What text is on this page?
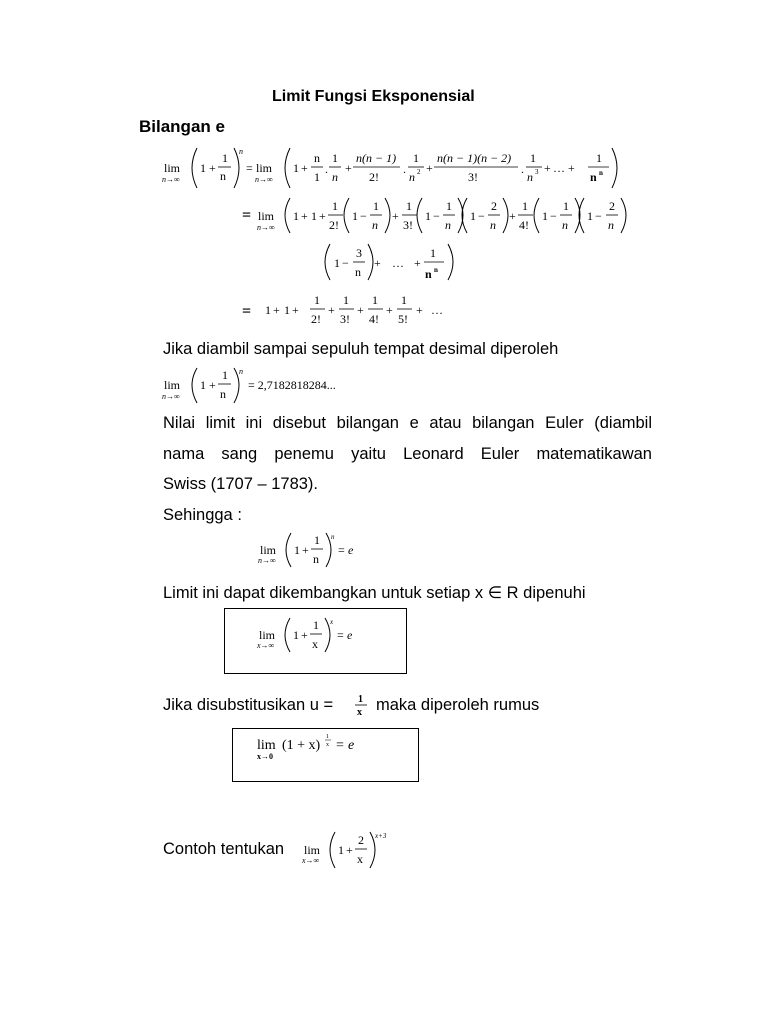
Limit Fungsi Eksponensial
Bilangan e
lim
n→∞
1 +
1
n
n
= lim
n→∞
1 +
n
1
.
1
n
+
n(n − 1)
2!
.
1
n 2 +
n(n − 1)(n − 2)
3!
.
1
n 3 + … +
1
n n
= lim
n→∞
1 + 1 +
1
2!
1 −
1
n
+
1
3!
1 −
1
n
1 −
2
n
+
1
4!
1 −
1
n
1 −
2
n
1 −
3
n
+ … +
1
n n
= 1 + 1 +
1
2!
+
1
3!
+
1
4!
+
1
5!
+ …
Jika diambil sampai sepuluh tempat desimal diperoleh
lim
n→∞
1 +
1
n
n
= 2,7182818284...
Nilai limit ini disebut bilangan e atau bilangan Euler (diambil
nama sang penemu yaitu Leonard Euler matematikawan
Swiss (1707 – 1783).
Sehingga :
lim
n→∞
1 +
1
n
n
= e
Limit ini dapat dikembangkan untuk setiap x ∈ R dipenuhi
lim
x→∞
1 +
1
x
x
= e
Jika disubstitusikan u = 1
x maka diperoleh rumus
lim
x→0
(1 + x)
1
x = e
Contoh tentukan lim
x→∞
1 +
2
x
x+3
